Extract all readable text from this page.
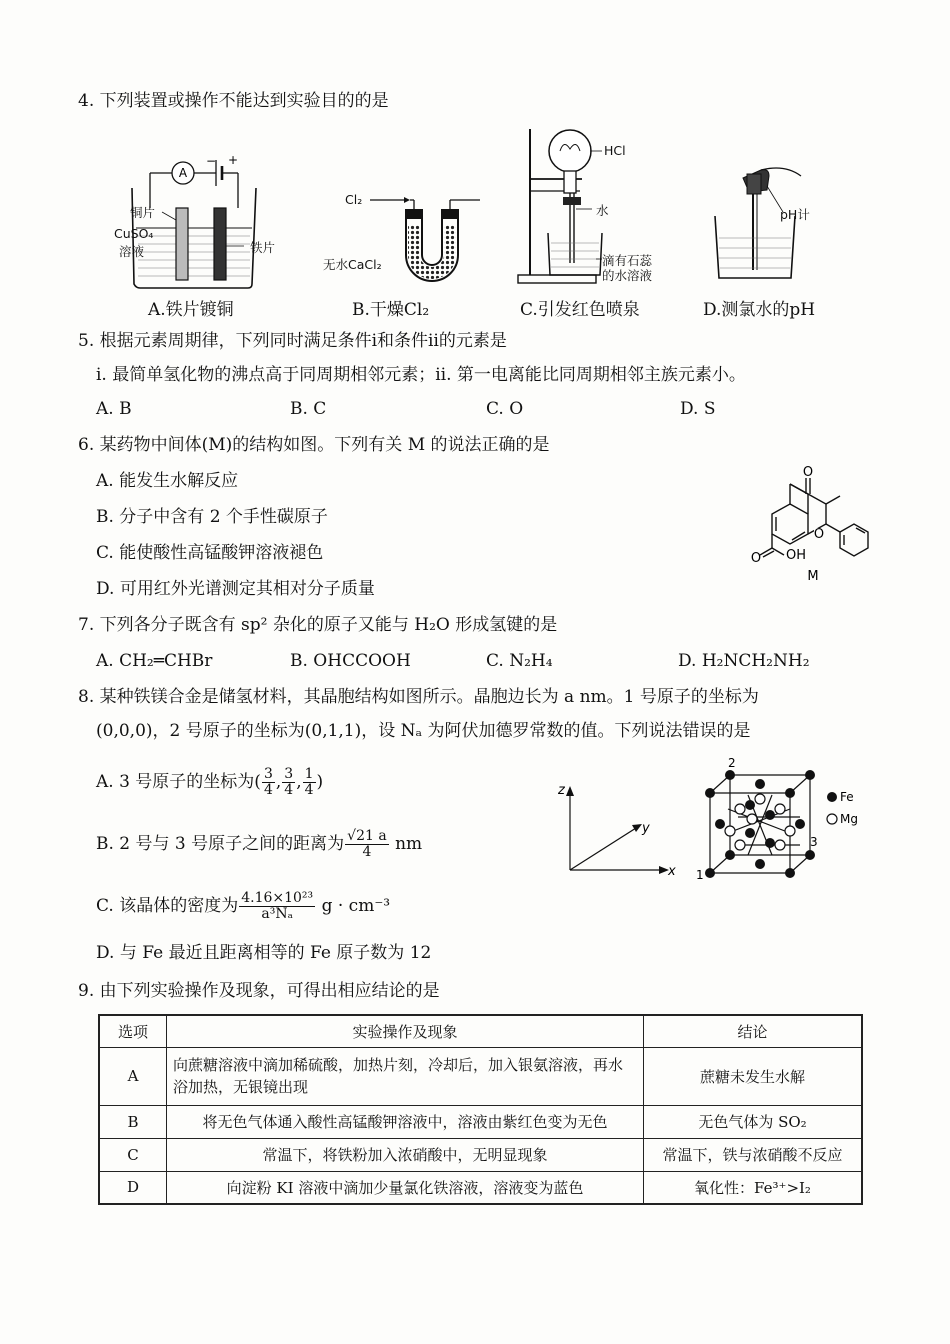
4. 下列装置或操作不能达到实验目的的是
A
− +
铜片
CuSO₄
溶液	铁片
A.铁片镀铜
Cl₂
无水CaCl₂
B.干燥Cl₂
HCl
水
滴有石蕊
的水溶液
C.引发红色喷泉
pH计
D.测氯水的pH
5. 根据元素周期律，下列同时满足条件ⅰ和条件ⅱ的元素是
ⅰ. 最简单氢化物的沸点高于同周期相邻元素；ⅱ. 第一电离能比同周期相邻主族元素小。
A. B	B. C	C. O	D. S
6. 某药物中间体(M)的结构如图。下列有关 M 的说法正确的是
A. 能发生水解反应
B. 分子中含有 2 个手性碳原子
C. 能使酸性高锰酸钾溶液褪色
D. 可用红外光谱测定其相对分子质量
O
O
O OH
M
7. 下列各分子既含有 sp² 杂化的原子又能与 H₂O 形成氢键的是
A. CH₂═CHBr	B. OHCCOOH	C. N₂H₄	D. H₂NCH₂NH₂
8. 某种铁镁合金是储氢材料，其晶胞结构如图所示。晶胞边长为 a nm。1 号原子的坐标为
(0,0,0)，2 号原子的坐标为(0,1,1)，设 Nₐ 为阿伏加德罗常数的值。下列说法错误的是
A. 3 号原子的坐标为( $\frac{3}{4}$ , $\frac{3}{4}$ , $\frac{1}{4}$ )
B. 2 号与 3 号原子之间的距离为 $\frac{√21 a}{4}$ nm
C. 该晶体的密度为 $\frac{\text{4.16×10²³}}{\text{a³Nₐ}}$ g · cm⁻³
D. 与 Fe 最近且距离相等的 Fe 原子数为 12
z
y
x
2
1
3
Fe
Mg
9. 由下列实验操作及现象，可得出相应结论的是
选项	实验操作及现象	结论
A	向蔗糖溶液中滴加稀硫酸，加热片刻，冷却后，加入银氨溶液，再水浴加热，无银镜出现	蔗糖未发生水解
B	将无色气体通入酸性高锰酸钾溶液中，溶液由紫红色变为无色	无色气体为 SO₂
C	常温下，将铁粉加入浓硝酸中，无明显现象	常温下，铁与浓硝酸不反应
D	向淀粉 KI 溶液中滴加少量氯化铁溶液，溶液变为蓝色	氧化性：Fe³⁺>I₂
